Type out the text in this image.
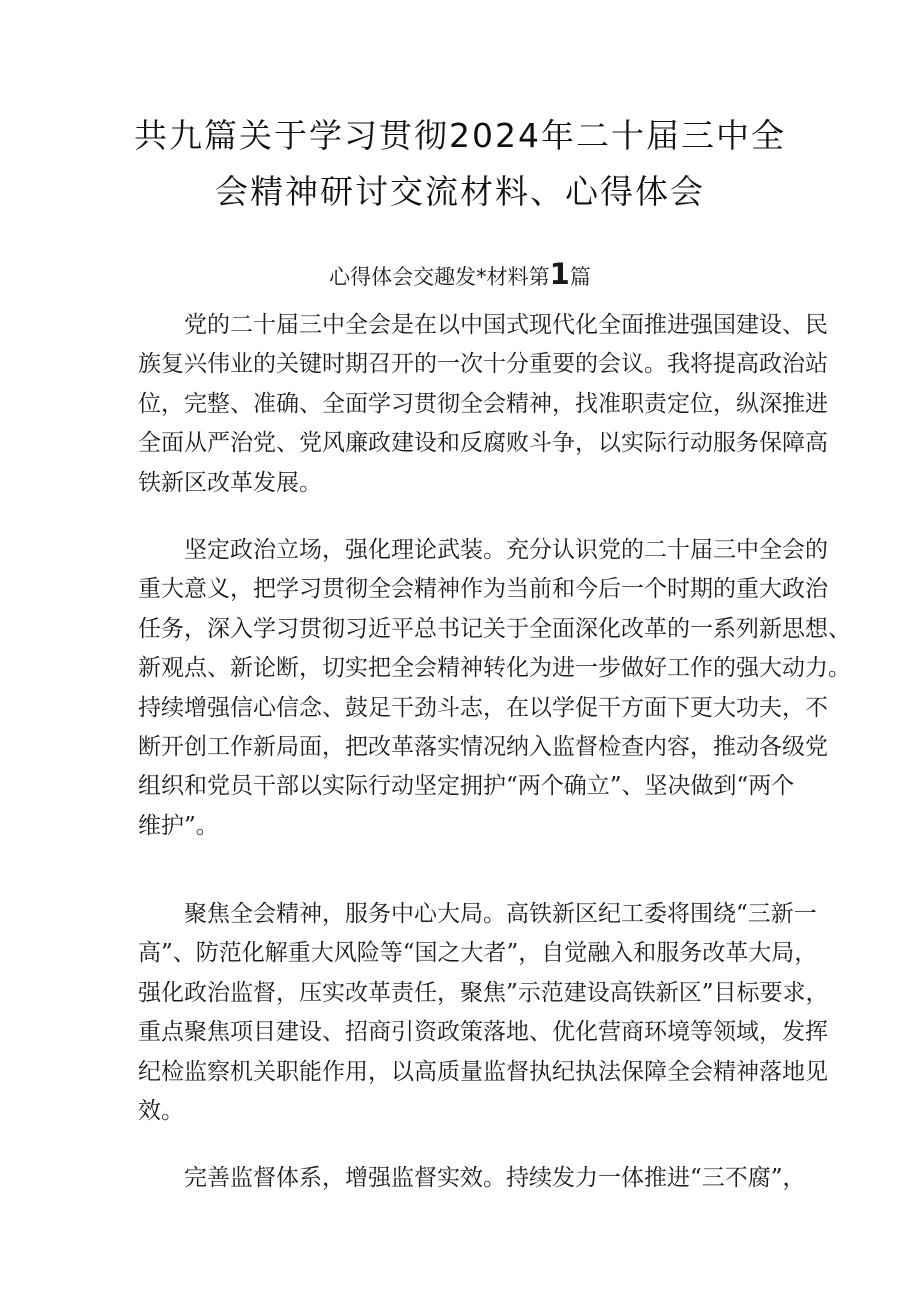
共九篇关于学习贯彻2024年二十届三中全
会精神研讨交流材料、心得体会
心得体会交趣发*材料第1篇
党的二十届三中全会是在以中国式现代化全面推进强国建设、民
族复兴伟业的关键时期召开的一次十分重要的会议。我将提高政治站
位，完整、准确、全面学习贯彻全会精神，找准职责定位，纵深推进
全面从严治党、党风廉政建设和反腐败斗争，以实际行动服务保障高
铁新区改革发展。
坚定政治立场，强化理论武装。充分认识党的二十届三中全会的
重大意义，把学习贯彻全会精神作为当前和今后一个时期的重大政治
任务，深入学习贯彻习近平总书记关于全面深化改革的一系列新思想、
新观点、新论断，切实把全会精神转化为进一步做好工作的强大动力。
持续增强信心信念、鼓足干劲斗志，在以学促干方面下更大功夫，不
断开创工作新局面，把改革落实情况纳入监督检查内容，推动各级党
组织和党员干部以实际行动坚定拥护“两个确立”、坚决做到“两个
维护”。
聚焦全会精神，服务中心大局。高铁新区纪工委将围绕“三新一
高”、防范化解重大风险等“国之大者”，自觉融入和服务改革大局，
强化政治监督，压实改革责任，聚焦”示范建设高铁新区”目标要求，
重点聚焦项目建设、招商引资政策落地、优化营商环境等领域，发挥
纪检监察机关职能作用，以高质量监督执纪执法保障全会精神落地见
效。
完善监督体系，增强监督实效。持续发力一体推进“三不腐”，
